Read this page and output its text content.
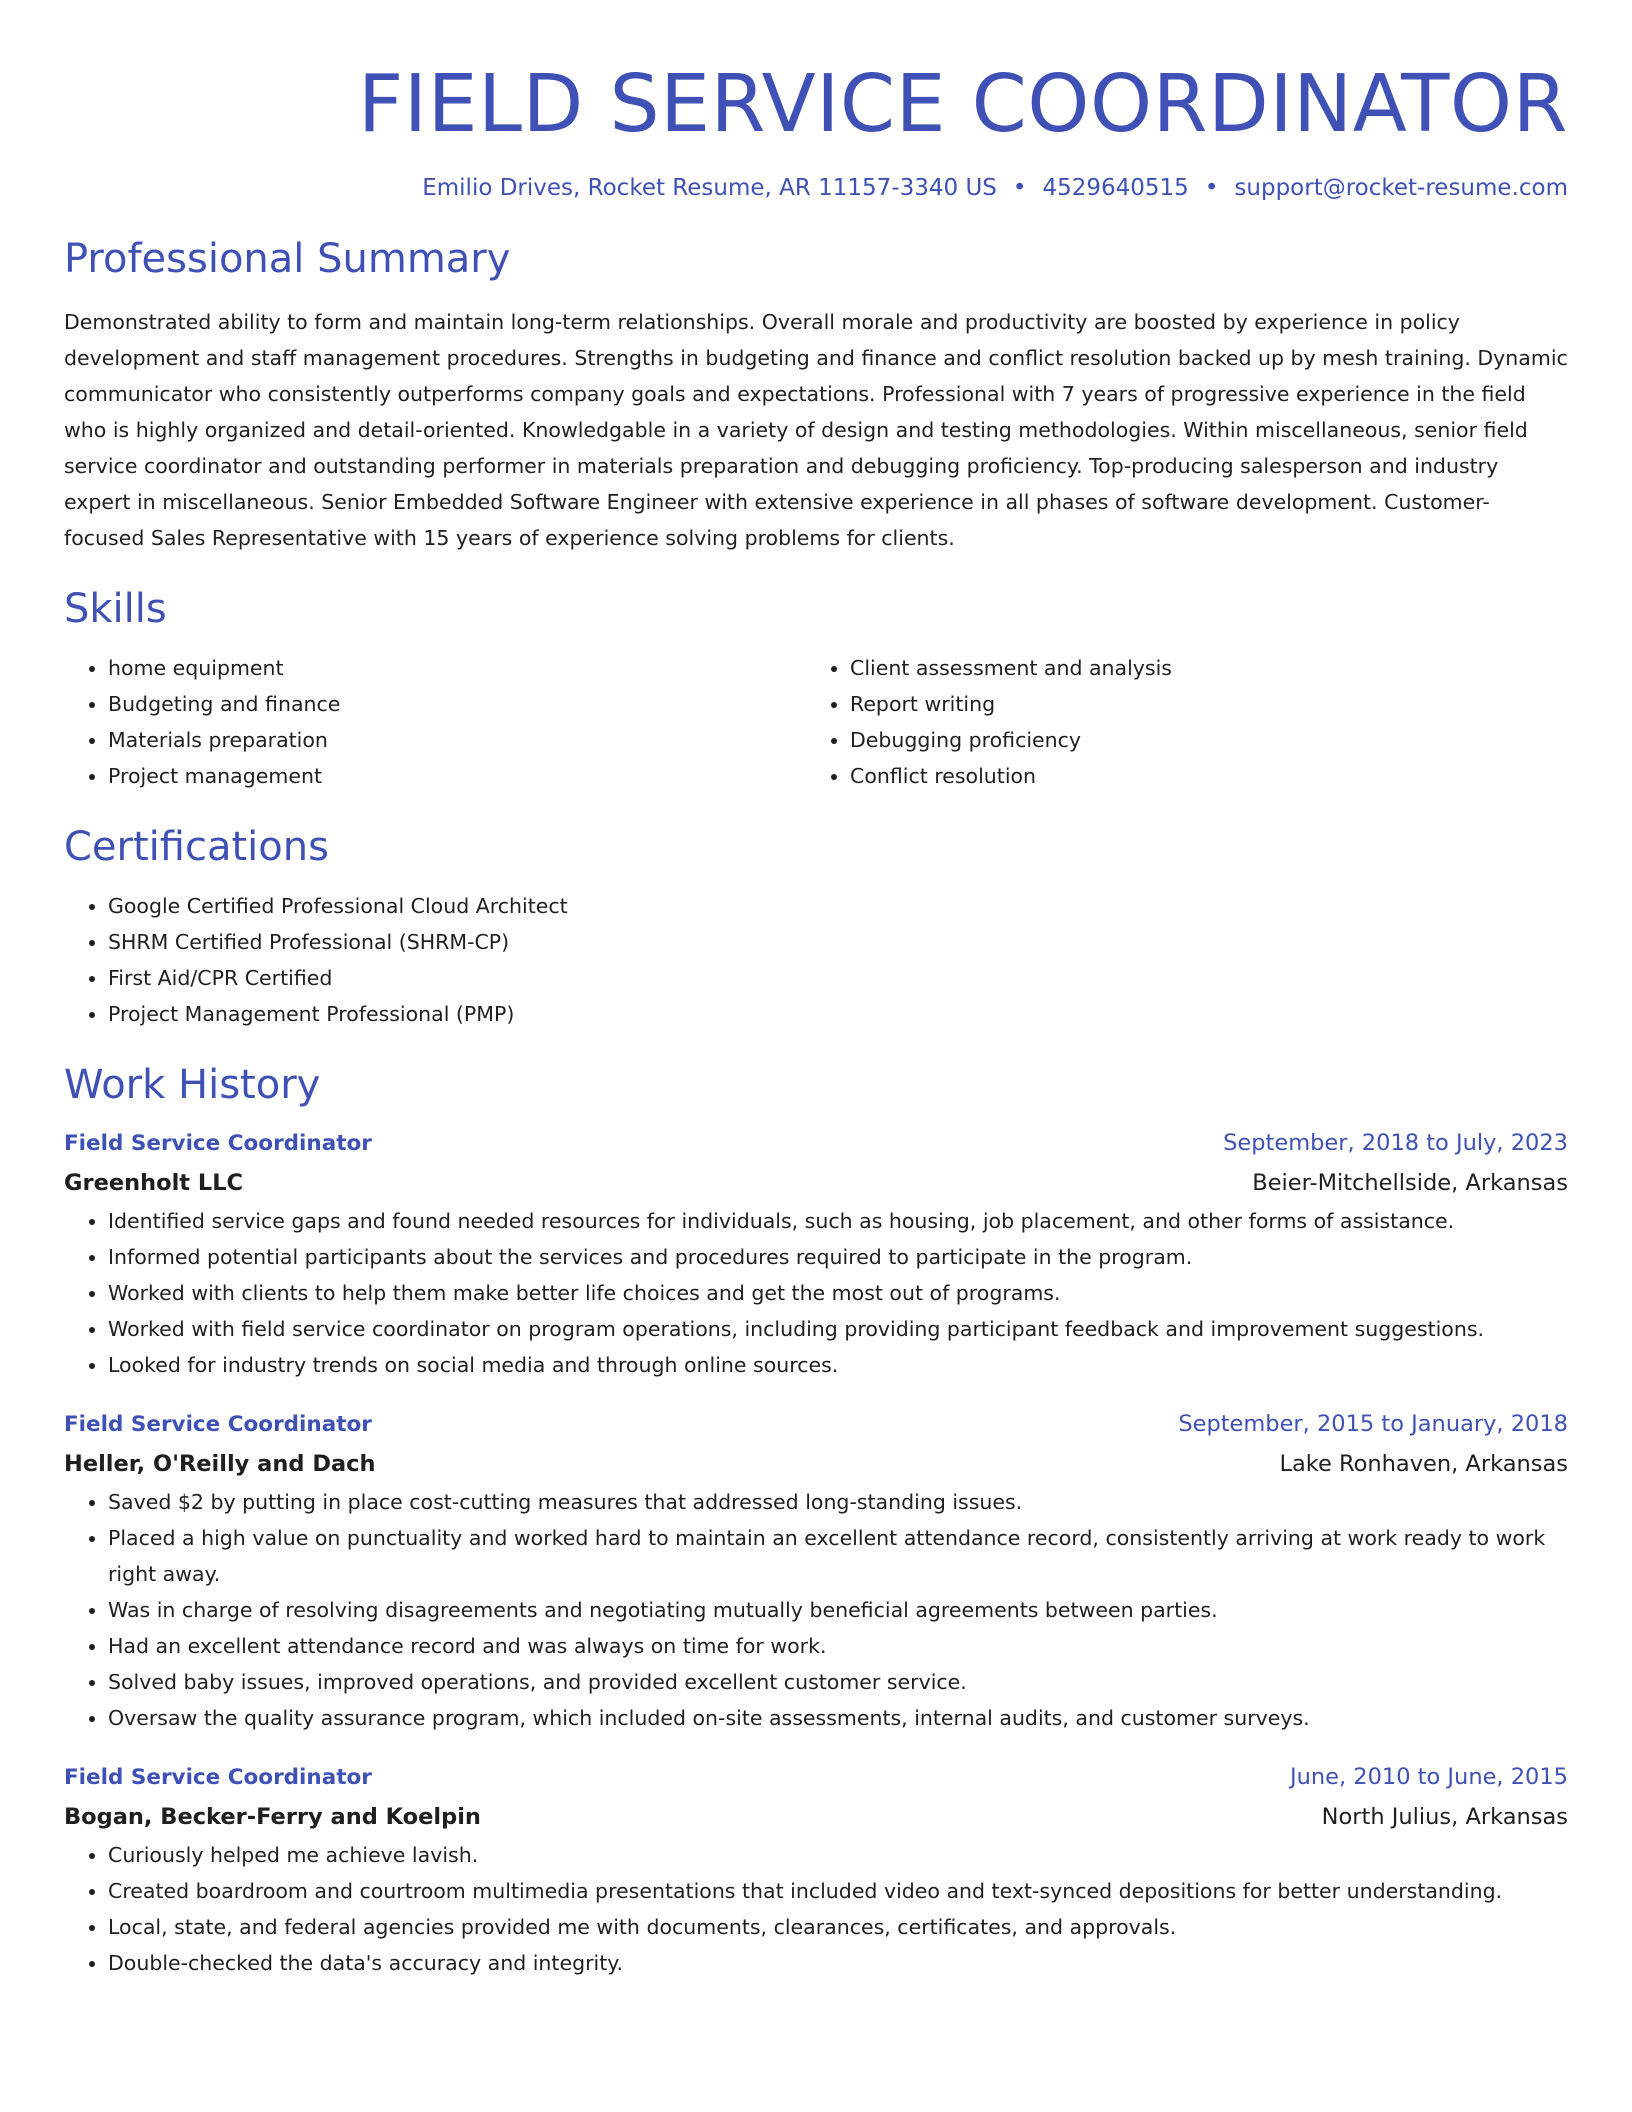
FIELD SERVICE COORDINATOR
Emilio Drives, Rocket Resume, AR 11157-3340 US • 4529640515 • support@rocket-resume.com
Professional Summary

Demonstrated ability to form and maintain long-term relationships. Overall morale and productivity are boosted by experience in policy development and staff management procedures. Strengths in budgeting and finance and conflict resolution backed up by mesh training. Dynamic communicator who consistently outperforms company goals and expectations. Professional with 7 years of progressive experience in the field who is highly organized and detail-oriented. Knowledgable in a variety of design and testing methodologies. Within miscellaneous, senior field service coordinator and outstanding performer in materials preparation and debugging proficiency. Top-producing salesperson and industry expert in miscellaneous. Senior Embedded Software Engineer with extensive experience in all phases of software development. Customer-focused Sales Representative with 15 years of experience solving problems for clients.

Skills
• home equipment
• Budgeting and finance
• Materials preparation
• Project management
• Client assessment and analysis
• Report writing
• Debugging proficiency
• Conflict resolution
Certifications
• Google Certified Professional Cloud Architect
• SHRM Certified Professional (SHRM-CP)
• First Aid/CPR Certified
• Project Management Professional (PMP)
Work History
Field Service Coordinator	September, 2018 to July, 2023
Greenholt LLC	Beier-Mitchellside, Arkansas
• Identified service gaps and found needed resources for individuals, such as housing, job placement, and other forms of assistance.
• Informed potential participants about the services and procedures required to participate in the program.
• Worked with clients to help them make better life choices and get the most out of programs.
• Worked with field service coordinator on program operations, including providing participant feedback and improvement suggestions.
• Looked for industry trends on social media and through online sources.
Field Service Coordinator	September, 2015 to January, 2018
Heller, O'Reilly and Dach	Lake Ronhaven, Arkansas
• Saved $2 by putting in place cost-cutting measures that addressed long-standing issues.
• Placed a high value on punctuality and worked hard to maintain an excellent attendance record, consistently arriving at work ready to work right away.
• Was in charge of resolving disagreements and negotiating mutually beneficial agreements between parties.
• Had an excellent attendance record and was always on time for work.
• Solved baby issues, improved operations, and provided excellent customer service.
• Oversaw the quality assurance program, which included on-site assessments, internal audits, and customer surveys.
Field Service Coordinator	June, 2010 to June, 2015
Bogan, Becker-Ferry and Koelpin	North Julius, Arkansas
• Curiously helped me achieve lavish.
• Created boardroom and courtroom multimedia presentations that included video and text-synced depositions for better understanding.
• Local, state, and federal agencies provided me with documents, clearances, certificates, and approvals.
• Double-checked the data's accuracy and integrity.
